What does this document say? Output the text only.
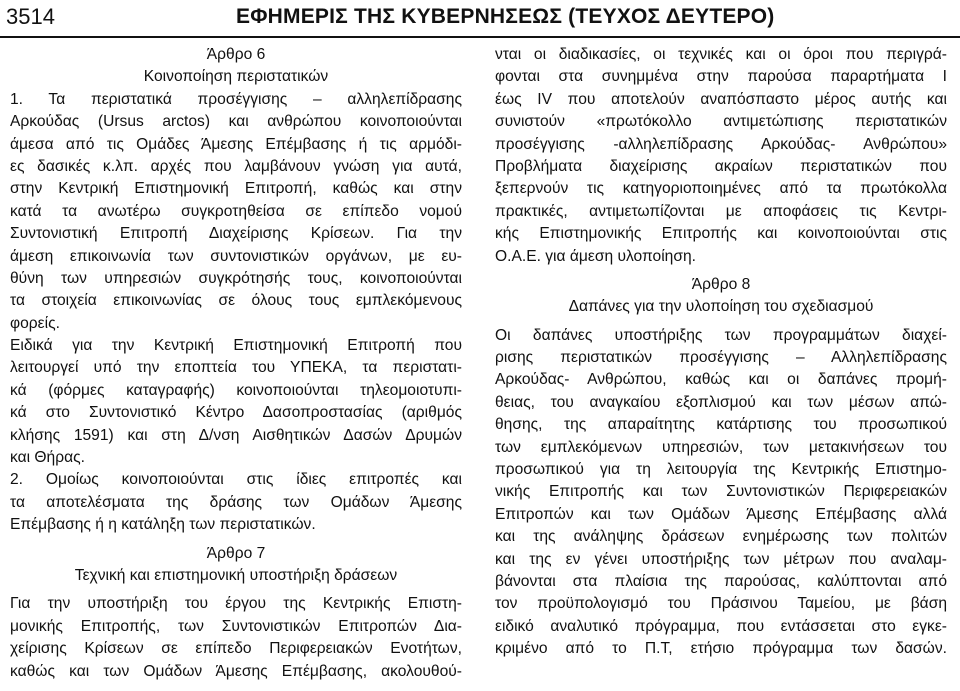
3514	ΕΦΗΜΕΡΙΣ ΤΗΣ ΚΥΒΕΡΝΗΣΕΩΣ (ΤΕΥΧΟΣ ΔΕΥΤΕΡΟ)
Άρθρο 6
Κοινοποίηση περιστατικών
1. Τα περιστατικά προσέγγισης – αλληλεπίδρασης
Αρκούδας (Ursus arctos) και ανθρώπου κοινοποιούνται
άμεσα από τις Ομάδες Άμεσης Επέμβασης ή τις αρμόδι-
ες δασικές κ.λπ. αρχές που λαμβάνουν γνώση για αυτά,
στην Κεντρική Επιστημονική Επιτροπή, καθώς και στην
κατά τα ανωτέρω συγκροτηθείσα σε επίπεδο νομού
Συντονιστική Επιτροπή Διαχείρισης Κρίσεων. Για την
άμεση επικοινωνία των συντονιστικών οργάνων, με ευ-
θύνη των υπηρεσιών συγκρότησής τους, κοινοποιούνται
τα στοιχεία επικοινωνίας σε όλους τους εμπλεκόμενους
φορείς.
Ειδικά για την Κεντρική Επιστημονική Επιτροπή που
λειτουργεί υπό την εποπτεία του ΥΠΕΚΑ, τα περιστατι-
κά (φόρμες καταγραφής) κοινοποιούνται τηλεομοιοτυπι-
κά στο Συντονιστικό Κέντρο Δασοπροστασίας (αριθμός
κλήσης 1591) και στη Δ/νση Αισθητικών Δασών Δρυμών
και Θήρας.
2. Ομοίως κοινοποιούνται στις ίδιες επιτροπές και
τα αποτελέσματα της δράσης των Ομάδων Άμεσης
Επέμβασης ή η κατάληξη των περιστατικών.
Άρθρο 7
Τεχνική και επιστημονική υποστήριξη δράσεων
Για την υποστήριξη του έργου της Κεντρικής Επιστη-
μονικής Επιτροπής, των Συντονιστικών Επιτροπών Δια-
χείρισης Κρίσεων σε επίπεδο Περιφερειακών Ενοτήτων,
καθώς και των Ομάδων Άμεσης Επέμβασης, ακολουθού-
νται οι διαδικασίες, οι τεχνικές και οι όροι που περιγρά-
φονται στα συνημμένα στην παρούσα παραρτήματα Ι
έως IV που αποτελούν αναπόσπαστο μέρος αυτής και
συνιστούν «πρωτόκολλο αντιμετώπισης περιστατικών
προσέγγισης -αλληλεπίδρασης Αρκούδας- Ανθρώπου»
Προβλήματα διαχείρισης ακραίων περιστατικών που
ξεπερνούν τις κατηγοριοποιημένες από τα πρωτόκολλα
πρακτικές, αντιμετωπίζονται με αποφάσεις τις Κεντρι-
κής Επιστημονικής Επιτροπής και κοινοποιούνται στις
Ο.Α.Ε. για άμεση υλοποίηση.
Άρθρο 8
Δαπάνες για την υλοποίηση του σχεδιασμού
Οι δαπάνες υποστήριξης των προγραμμάτων διαχεί-
ρισης περιστατικών προσέγγισης – Αλληλεπίδρασης
Αρκούδας- Ανθρώπου, καθώς και οι δαπάνες προμή-
θειας, του αναγκαίου εξοπλισμού και των μέσων απώ-
θησης, της απαραίτητης κατάρτισης του προσωπικού
των εμπλεκόμενων υπηρεσιών, των μετακινήσεων του
προσωπικού για τη λειτουργία της Κεντρικής Επιστημο-
νικής Επιτροπής και των Συντονιστικών Περιφερειακών
Επιτροπών και των Ομάδων Άμεσης Επέμβασης αλλά
και της ανάληψης δράσεων ενημέρωσης των πολιτών
και της εν γένει υποστήριξης των μέτρων που αναλαμ-
βάνονται στα πλαίσια της παρούσας, καλύπτονται από
τον προϋπολογισμό του Πράσινου Ταμείου, με βάση
ειδικό αναλυτικό πρόγραμμα, που εντάσσεται στο εγκε-
κριμένο από το Π.Τ, ετήσιο πρόγραμμα των δασών.
